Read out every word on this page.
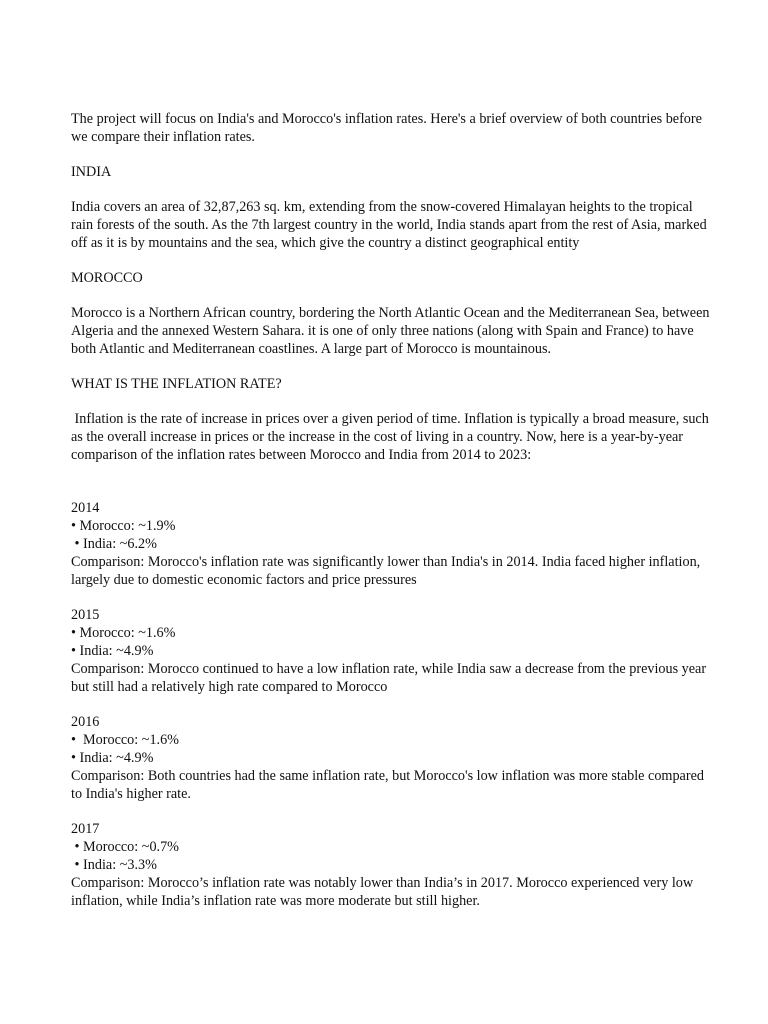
The project will focus on India's and Morocco's inflation rates. Here's a brief overview of both countries before we compare their inflation rates.

INDIA

India covers an area of 32,87,263 sq. km, extending from the snow-covered Himalayan heights to the tropical rain forests of the south. As the 7th largest country in the world, India stands apart from the rest of Asia, marked off as it is by mountains and the sea, which give the country a distinct geographical entity

MOROCCO

Morocco is a Northern African country, bordering the North Atlantic Ocean and the Mediterranean Sea, between Algeria and the annexed Western Sahara. it is one of only three nations (along with Spain and France) to have both Atlantic and Mediterranean coastlines. A large part of Morocco is mountainous.

WHAT IS THE INFLATION RATE?

Inflation is the rate of increase in prices over a given period of time. Inflation is typically a broad measure, such as the overall increase in prices or the increase in the cost of living in a country. Now, here is a year-by-year comparison of the inflation rates between Morocco and India from 2014 to 2023:

2014

• Morocco: ~1.9%

• India: ~6.2%

Comparison: Morocco's inflation rate was significantly lower than India's in 2014. India faced higher inflation, largely due to domestic economic factors and price pressures

2015

• Morocco: ~1.6%

• India: ~4.9%

Comparison: Morocco continued to have a low inflation rate, while India saw a decrease from the previous year but still had a relatively high rate compared to Morocco

2016

•  Morocco: ~1.6%

• India: ~4.9%

Comparison: Both countries had the same inflation rate, but Morocco's low inflation was more stable compared to India's higher rate.

2017

• Morocco: ~0.7%

• India: ~3.3%

Comparison: Morocco’s inflation rate was notably lower than India’s in 2017. Morocco experienced very low inflation, while India’s inflation rate was more moderate but still higher.
